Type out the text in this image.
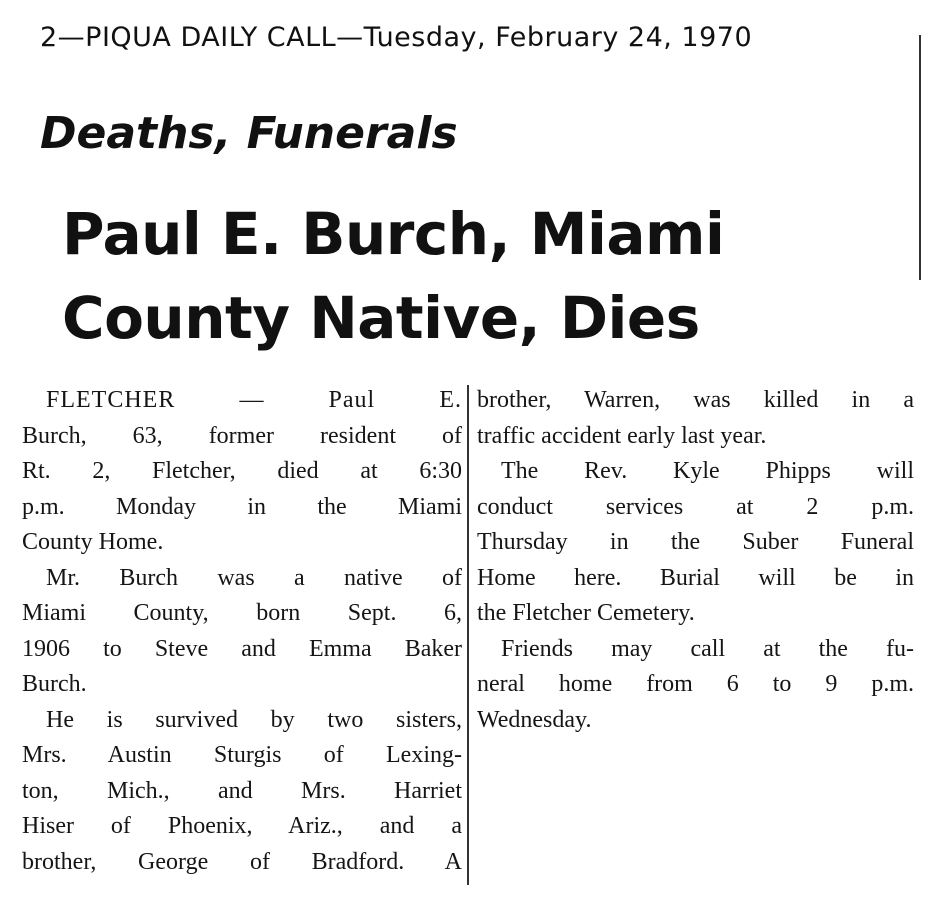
2—PIQUA DAILY CALL—Tuesday, February 24, 1970
Deaths, Funerals
Paul E. Burch, Miami
County Native, Dies
FLETCHER — Paul E.
Burch, 63, former resident of
Rt. 2, Fletcher, died at 6:30
p.m. Monday in the Miami
County Home.
Mr. Burch was a native of
Miami County, born Sept. 6,
1906 to Steve and Emma Baker
Burch.
He is survived by two sisters,
Mrs. Austin Sturgis of Lexing-
ton, Mich., and Mrs. Harriet
Hiser of Phoenix, Ariz., and a
brother, George of Bradford. A
brother, Warren, was killed in a
traffic accident early last year.
The Rev. Kyle Phipps will
conduct services at 2 p.m.
Thursday in the Suber Funeral
Home here. Burial will be in
the Fletcher Cemetery.
Friends may call at the fu-
neral home from 6 to 9 p.m.
Wednesday.
